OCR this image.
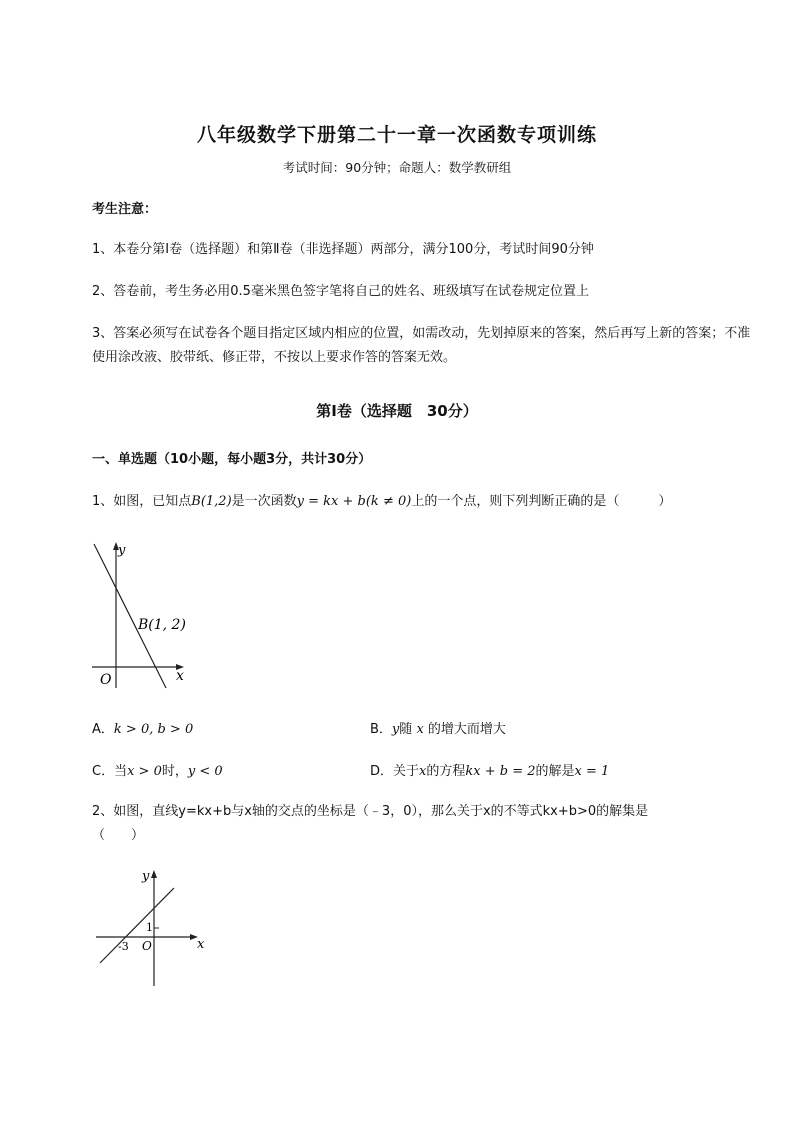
八年级数学下册第二十一章一次函数专项训练
考试时间：90分钟；命题人：数学教研组
考生注意：
1、本卷分第I卷（选择题）和第Ⅱ卷（非选择题）两部分，满分100分，考试时间90分钟
2、答卷前，考生务必用0.5毫米黑色签字笔将自己的姓名、班级填写在试卷规定位置上
3、答案必须写在试卷各个题目指定区域内相应的位置，如需改动，先划掉原来的答案，然后再写上新的答案；不准使用涂改液、胶带纸、修正带，不按以上要求作答的答案无效。
第I卷（选择题　30分）
一、单选题（10小题，每小题3分，共计30分）
1、如图，已知点B(1,2)是一次函数y = kx + b(k ≠ 0)上的一个点，则下列判断正确的是（　　　）
y
x
O
B(1, 2)
A．k > 0, b > 0	B．y随 x 的增大而增大
C．当x > 0时，y < 0	D．关于x的方程kx + b = 2的解是x = 1
2、如图，直线y=kx+b与x轴的交点的坐标是（﹣3，0），那么关于x的不等式kx+b>0的解集是
（　　）
y
x
O
1
-3
